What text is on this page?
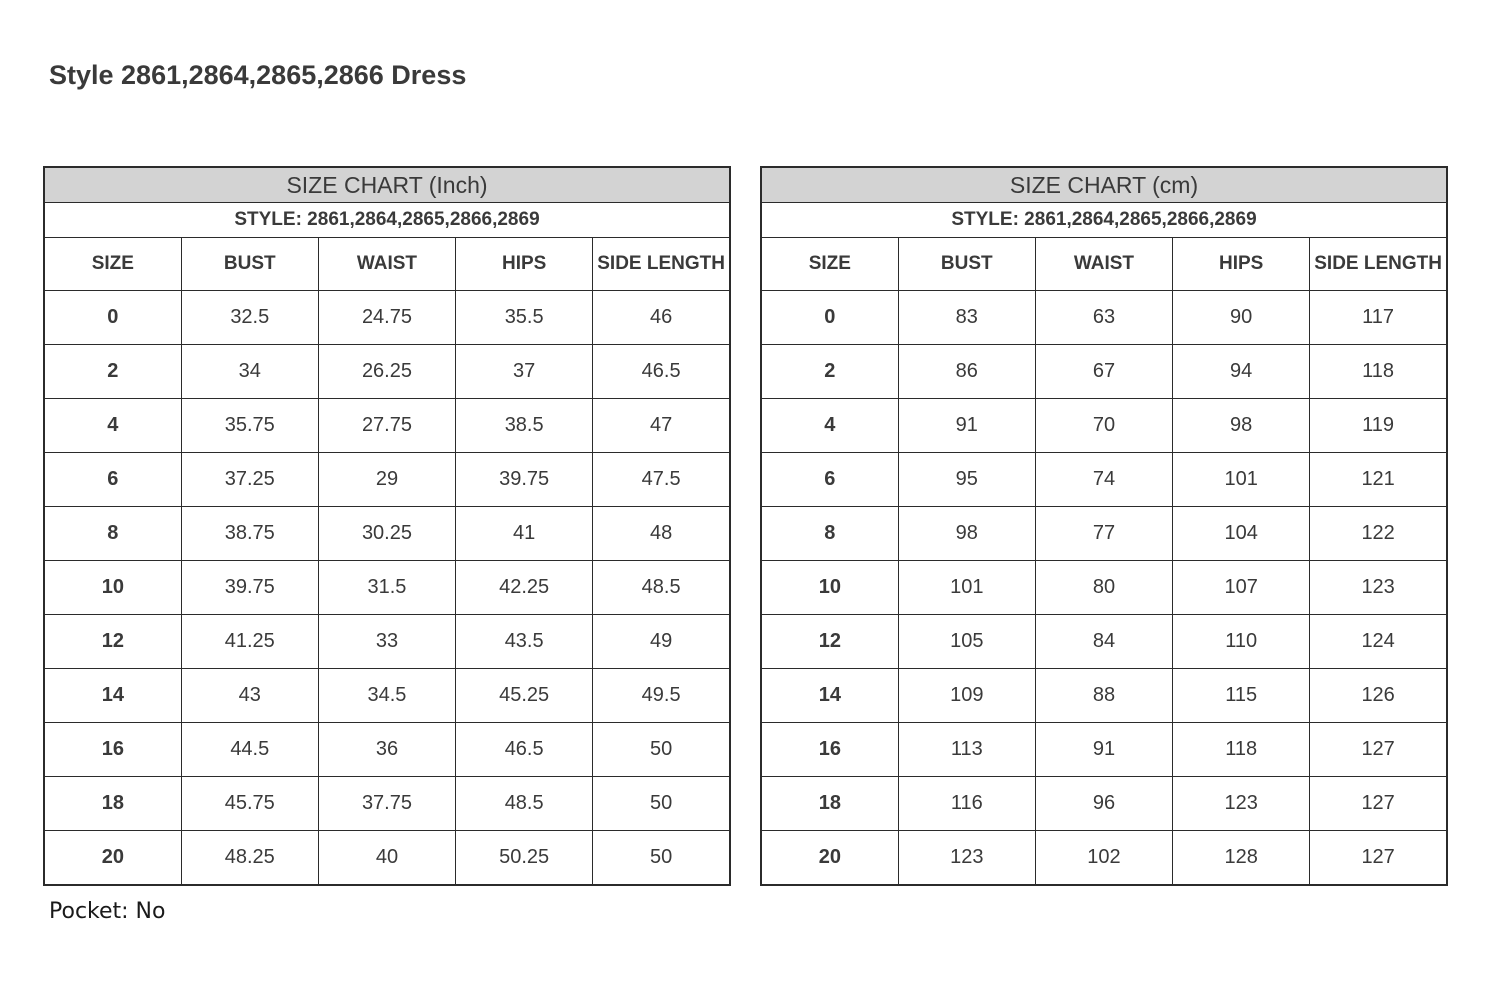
Style 2861,2864,2865,2866 Dress
SIZE CHART (Inch)				
STYLE: 2861,2864,2865,2866,2869				
SIZE	BUST	WAIST	HIPS	SIDE LENGTH
0	32.5	24.75	35.5	46
2	34	26.25	37	46.5
4	35.75	27.75	38.5	47
6	37.25	29	39.75	47.5
8	38.75	30.25	41	48
10	39.75	31.5	42.25	48.5
12	41.25	33	43.5	49
14	43	34.5	45.25	49.5
16	44.5	36	46.5	50
18	45.75	37.75	48.5	50
20	48.25	40	50.25	50
SIZE CHART (cm)				
STYLE: 2861,2864,2865,2866,2869				
SIZE	BUST	WAIST	HIPS	SIDE LENGTH
0	83	63	90	117
2	86	67	94	118
4	91	70	98	119
6	95	74	101	121
8	98	77	104	122
10	101	80	107	123
12	105	84	110	124
14	109	88	115	126
16	113	91	118	127
18	116	96	123	127
20	123	102	128	127
Pocket: No
